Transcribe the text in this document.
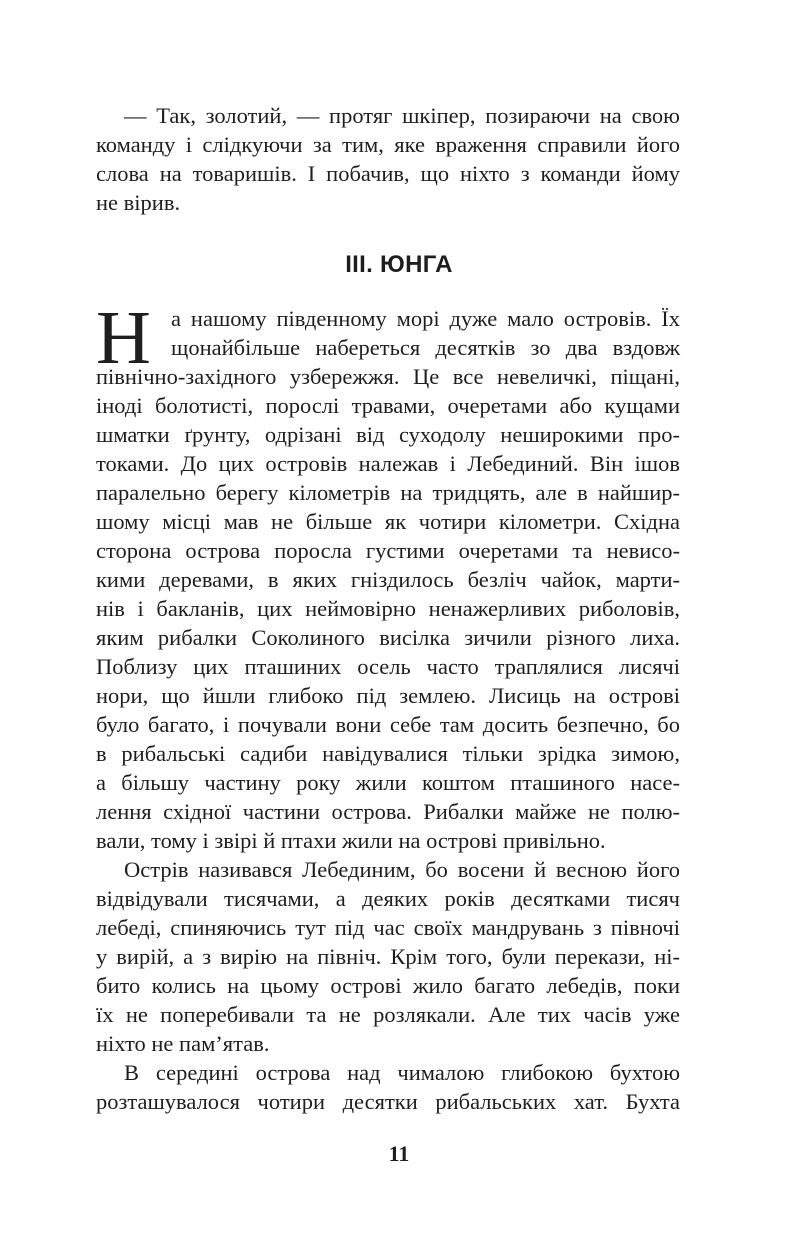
— Так, золотий, — протяг шкіпер, позираючи на свою
команду і слідкуючи за тим, яке враження справили його
слова на товаришів. І побачив, що ніхто з команди йому
не вірив.
ІІІ. ЮНГА
Н а нашому південному морі дуже мало островів. Їх
щонайбільше набереться десятків зо два вздовж
північно-західного узбережжя. Це все невеличкі, піщані,
іноді болотисті, порослі травами, очеретами або кущами
шматки ґрунту, одрізані від суходолу неширокими про-
токами. До цих островів належав і Лебединий. Він ішов
паралельно берегу кілометрів на тридцять, але в найшир-
шому місці мав не більше як чотири кілометри. Східна
сторона острова поросла густими очеретами та невисо-
кими деревами, в яких гніздилось безліч чайок, марти-
нів і бакланів, цих неймовірно ненажерливих риболовів,
яким рибалки Соколиного висілка зичили різного лиха.
Поблизу цих пташиних осель часто траплялися лисячі
нори, що йшли глибоко під землею. Лисиць на острові
було багато, і почували вони себе там досить безпечно, бо
в рибальські садиби навідувалися тільки зрідка зимою,
а більшу частину року жили коштом пташиного насе-
лення східної частини острова. Рибалки майже не полю-
вали, тому і звірі й птахи жили на острові привільно.
Острів називався Лебединим, бо восени й весною його
відвідували тисячами, а деяких років десятками тисяч
лебеді, спиняючись тут під час своїх мандрувань з півночі
у вирій, а з вирію на північ. Крім того, були перекази, ні-
бито колись на цьому острові жило багато лебедів, поки
їх не поперебивали та не розлякали. Але тих часів уже
ніхто не пам’ятав.
В середині острова над чималою глибокою бухтою
розташувалося чотири десятки рибальських хат. Бухта
11
